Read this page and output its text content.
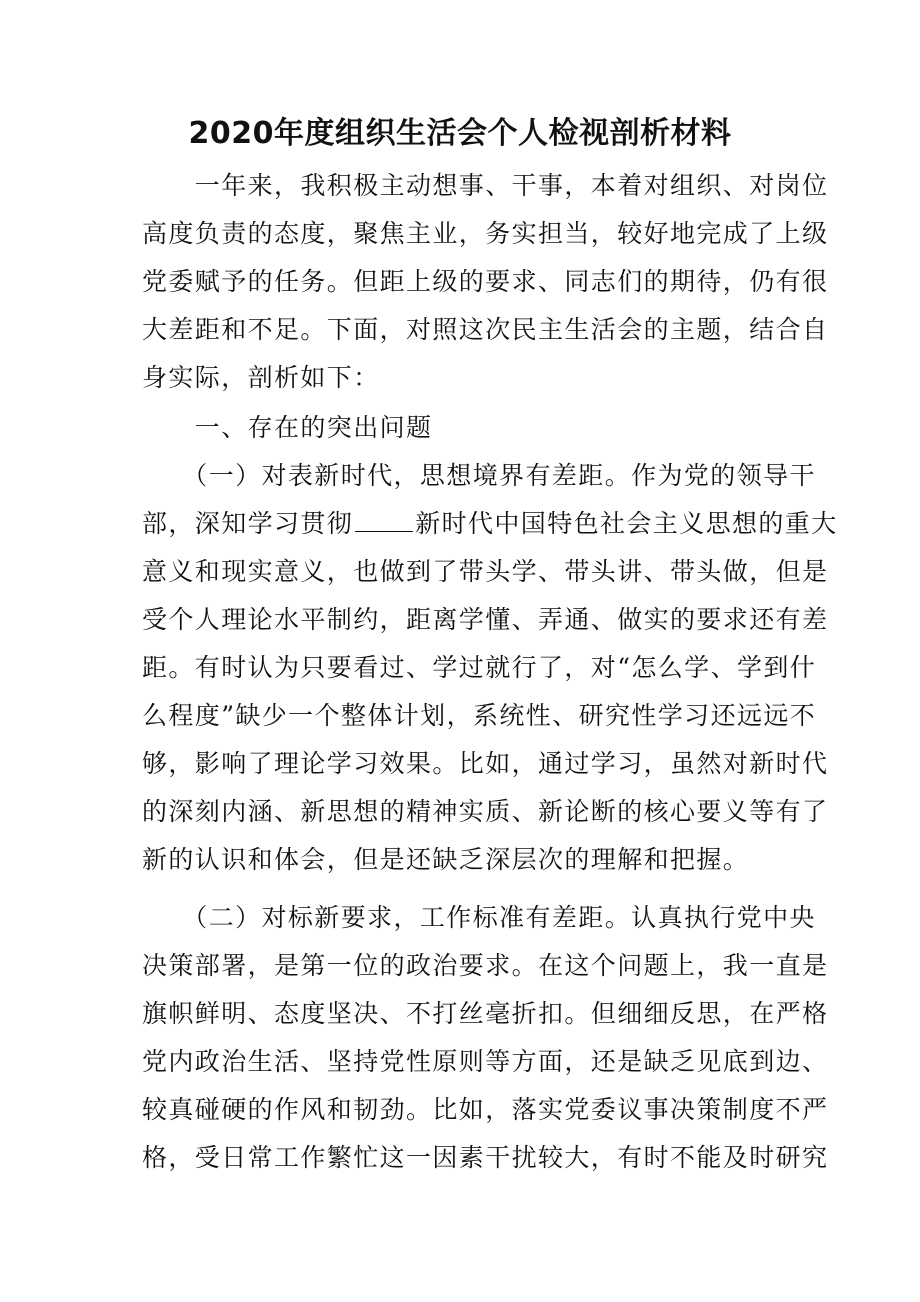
2020年度组织生活会个人检视剖析材料
　　一年来，我积极主动想事、干事，本着对组织、对岗位
高度负责的态度，聚焦主业，务实担当，较好地完成了上级
党委赋予的任务。但距上级的要求、同志们的期待，仍有很
大差距和不足。下面，对照这次民主生活会的主题，结合自
身实际，剖析如下：
　　一、存在的突出问题
　　（一）对表新时代，思想境界有差距。作为党的领导干
部，深知学习贯彻 新时代中国特色社会主义思想的重大
意义和现实意义，也做到了带头学、带头讲、带头做，但是
受个人理论水平制约，距离学懂、弄通、做实的要求还有差
距。有时认为只要看过、学过就行了，对“怎么学、学到什
么程度”缺少一个整体计划，系统性、研究性学习还远远不
够，影响了理论学习效果。比如，通过学习，虽然对新时代
的深刻内涵、新思想的精神实质、新论断的核心要义等有了
新的认识和体会，但是还缺乏深层次的理解和把握。
　　（二）对标新要求，工作标准有差距。认真执行党中央
决策部署，是第一位的政治要求。在这个问题上，我一直是
旗帜鲜明、态度坚决、不打丝毫折扣。但细细反思，在严格
党内政治生活、坚持党性原则等方面，还是缺乏见底到边、
较真碰硬的作风和韧劲。比如，落实党委议事决策制度不严
格，受日常工作繁忙这一因素干扰较大，有时不能及时研究
